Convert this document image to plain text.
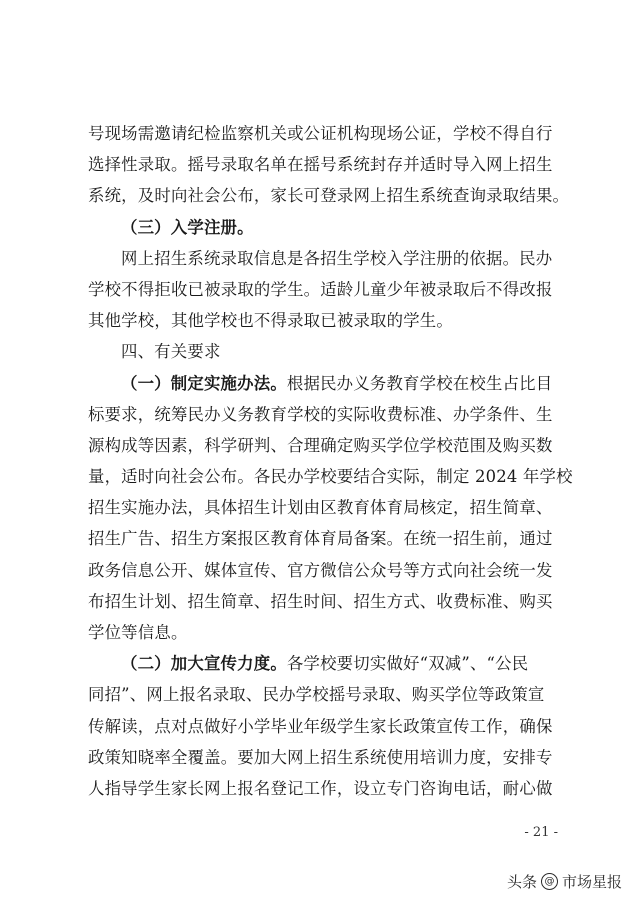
号现场需邀请纪检监察机关或公证机构现场公证，学校不得自行
选择性录取。摇号录取名单在摇号系统封存并适时导入网上招生
系统，及时向社会公布，家长可登录网上招生系统查询录取结果。
（三）入学注册。
网上招生系统录取信息是各招生学校入学注册的依据。民办
学校不得拒收已被录取的学生。适龄儿童少年被录取后不得改报
其他学校，其他学校也不得录取已被录取的学生。
四、有关要求
（一）制定实施办法。根据民办义务教育学校在校生占比目
标要求，统筹民办义务教育学校的实际收费标准、办学条件、生
源构成等因素，科学研判、合理确定购买学位学校范围及购买数
量，适时向社会公布。各民办学校要结合实际，制定 2024 年学校
招生实施办法，具体招生计划由区教育体育局核定，招生简章、
招生广告、招生方案报区教育体育局备案。在统一招生前，通过
政务信息公开、媒体宣传、官方微信公众号等方式向社会统一发
布招生计划、招生简章、招生时间、招生方式、收费标准、购买
学位等信息。
（二）加大宣传力度。各学校要切实做好“双减”、“公民
同招”、网上报名录取、民办学校摇号录取、购买学位等政策宣
传解读，点对点做好小学毕业年级学生家长政策宣传工作，确保
政策知晓率全覆盖。要加大网上招生系统使用培训力度，安排专
人指导学生家长网上报名登记工作，设立专门咨询电话，耐心做
- 21 -
头条 @ 市场星报
